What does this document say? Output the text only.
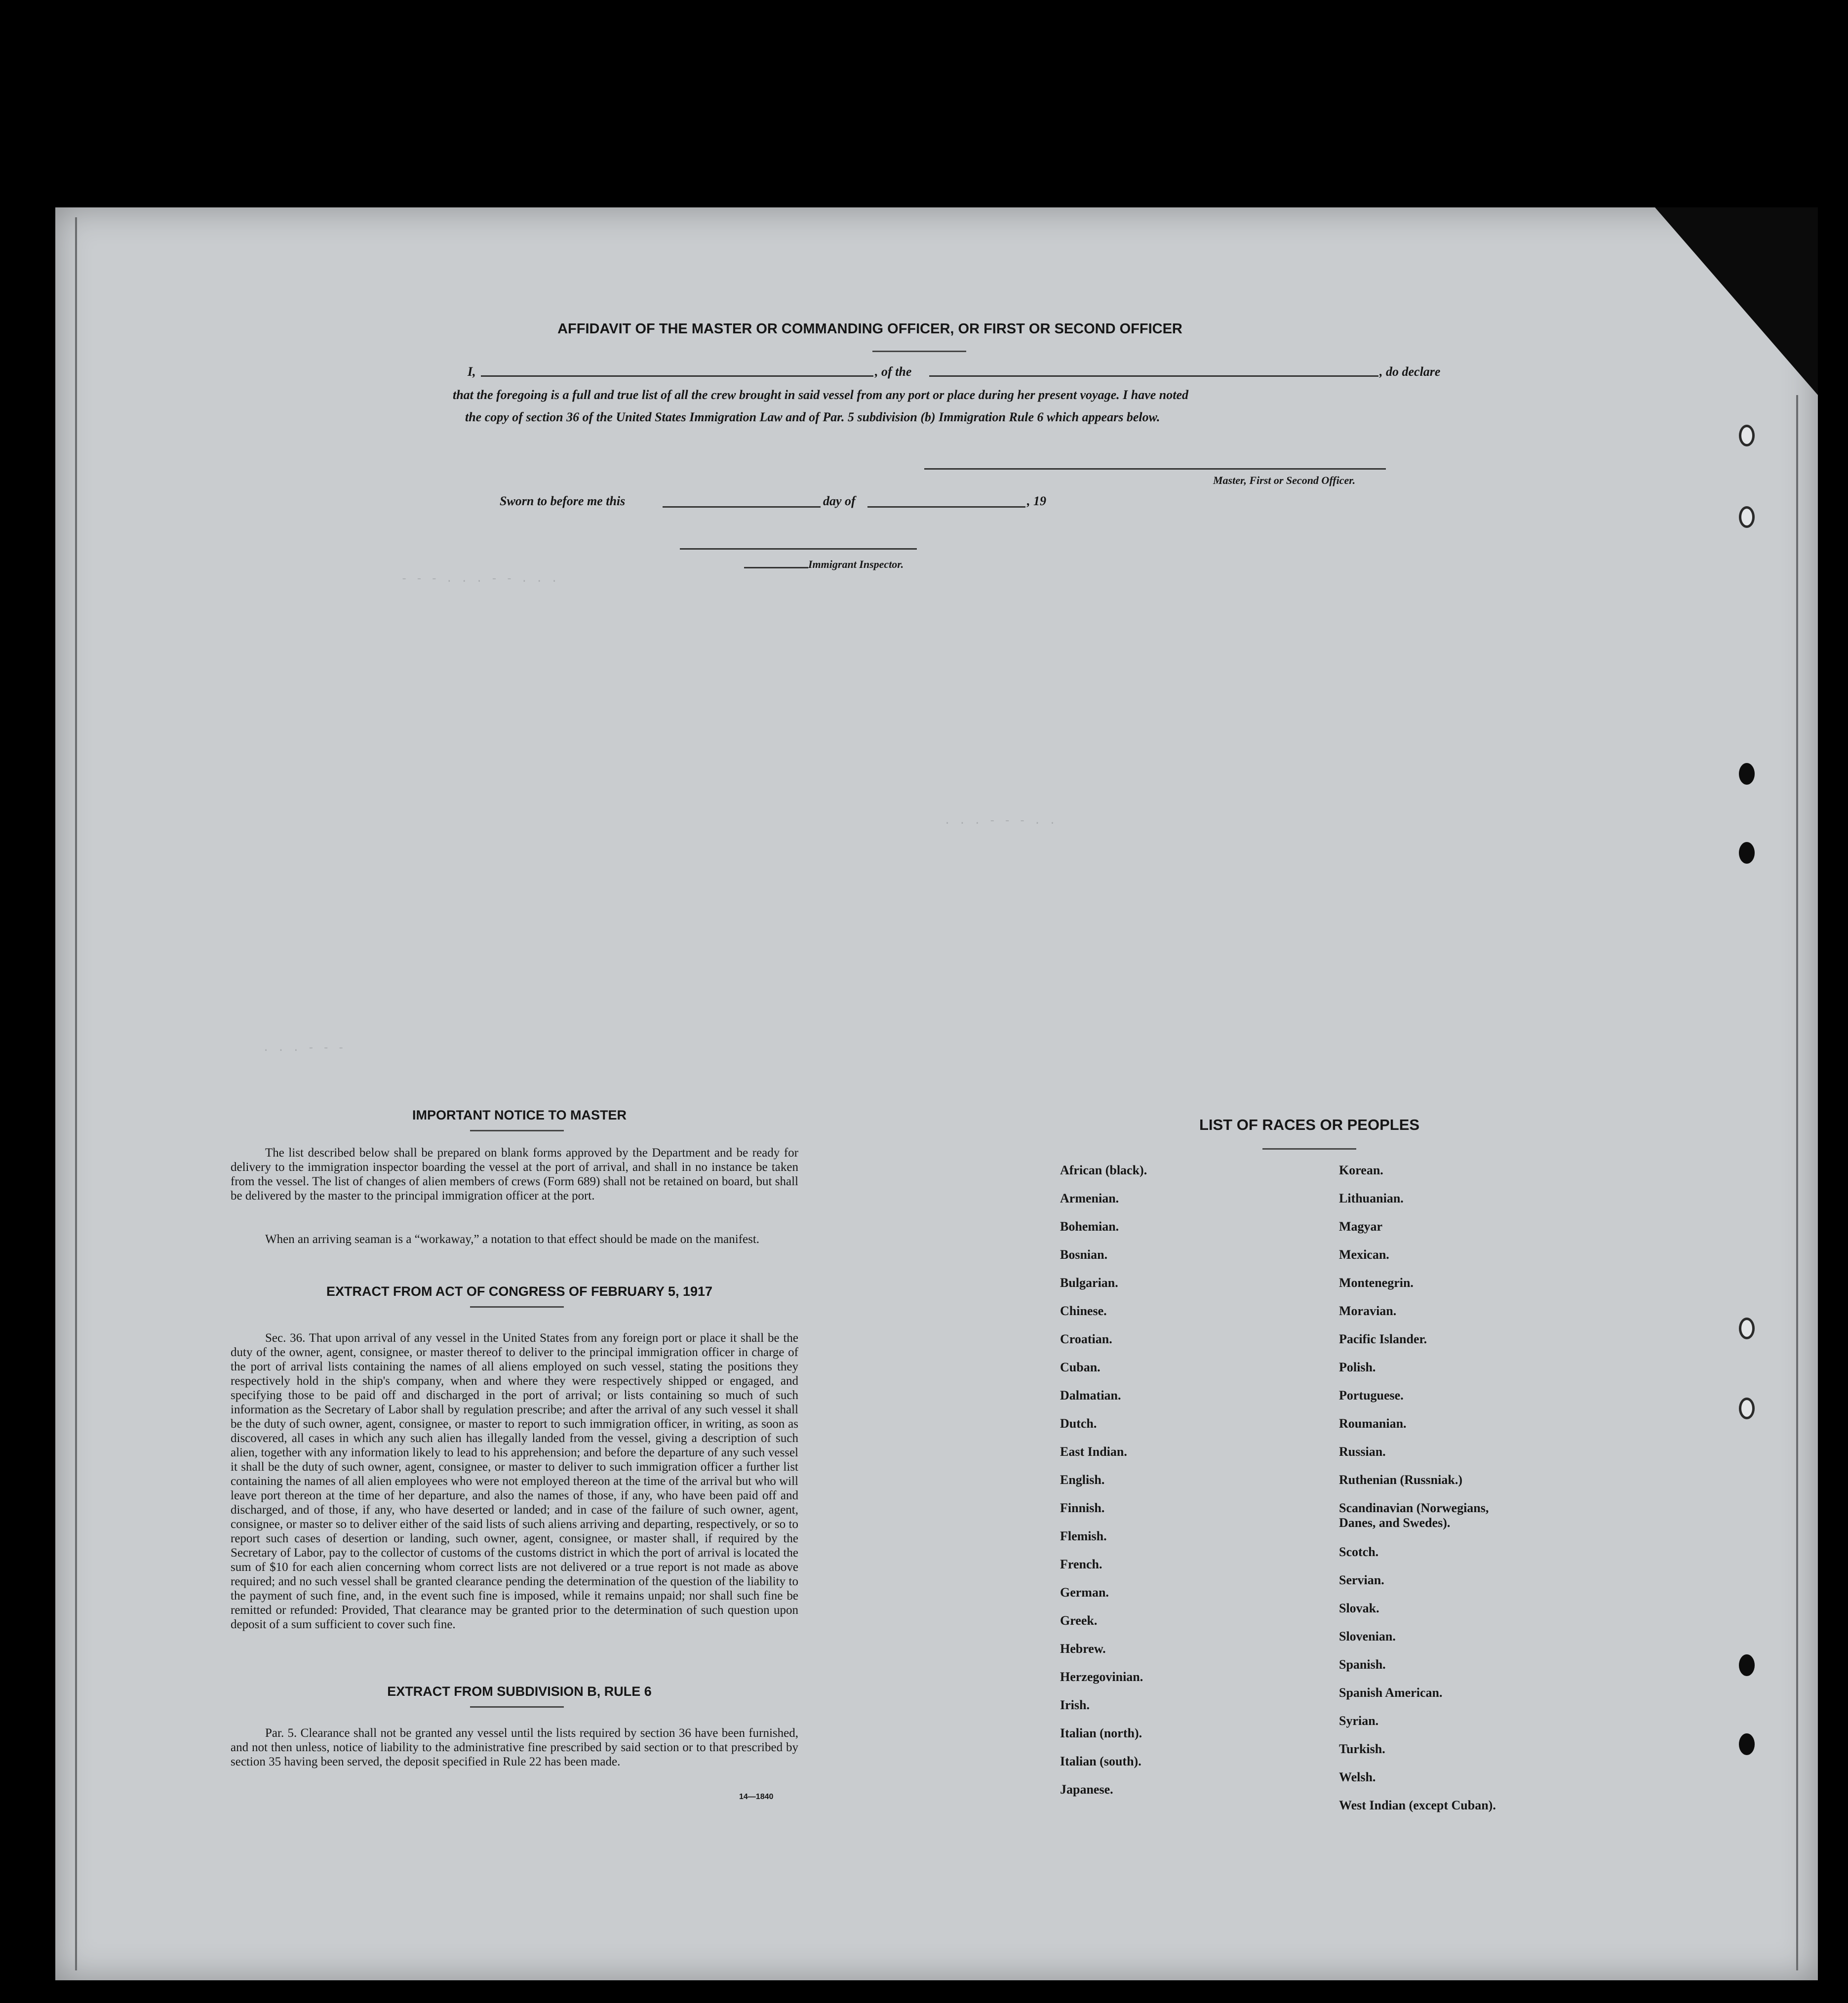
- - - . . . - - . . .
. . . - - - . .
. . . - - -
AFFIDAVIT OF THE MASTER OR COMMANDING OFFICER, OR FIRST OR SECOND OFFICER
I,	, of the	, do declare
that the foregoing is a full and true list of all the crew brought in said vessel from any port or place during her present voyage. I have noted
the copy of section 36 of the United States Immigration Law and of Par. 5 subdivision (b) Immigration Rule 6 which appears below.
Master, First or Second Officer.
Sworn to before me this	day of	, 19
Immigrant Inspector.
IMPORTANT NOTICE TO MASTER
The list described below shall be prepared on blank forms approved by the Department and be ready for delivery to the immigration inspector boarding the vessel at the port of arrival, and shall in no instance be taken from the vessel. The list of changes of alien members of crews (Form 689) shall not be retained on board, but shall be delivered by the master to the principal immigration officer at the port.
When an arriving seaman is a “workaway,” a notation to that effect should be made on the manifest.
EXTRACT FROM ACT OF CONGRESS OF FEBRUARY 5, 1917
Sec. 36. That upon arrival of any vessel in the United States from any foreign port or place it shall be the duty of the owner, agent, consignee, or master thereof to deliver to the principal immigration officer in charge of the port of arrival lists containing the names of all aliens employed on such vessel, stating the positions they respectively hold in the ship's company, when and where they were respectively shipped or engaged, and specifying those to be paid off and discharged in the port of arrival; or lists containing so much of such information as the Secretary of Labor shall by regulation prescribe; and after the arrival of any such vessel it shall be the duty of such owner, agent, consignee, or master to report to such immigration officer, in writing, as soon as discovered, all cases in which any such alien has illegally landed from the vessel, giving a description of such alien, together with any information likely to lead to his apprehension; and before the departure of any such vessel it shall be the duty of such owner, agent, consignee, or master to deliver to such immigration officer a further list containing the names of all alien employees who were not employed thereon at the time of the arrival but who will leave port thereon at the time of her departure, and also the names of those, if any, who have been paid off and discharged, and of those, if any, who have deserted or landed; and in case of the failure of such owner, agent, consignee, or master so to deliver either of the said lists of such aliens arriving and departing, respectively, or so to report such cases of desertion or landing, such owner, agent, consignee, or master shall, if required by the Secretary of Labor, pay to the collector of customs of the customs district in which the port of arrival is located the sum of $10 for each alien concerning whom correct lists are not delivered or a true report is not made as above required; and no such vessel shall be granted clearance pending the determination of the question of the liability to the payment of such fine, and, in the event such fine is imposed, while it remains unpaid; nor shall such fine be remitted or refunded: Provided, That clearance may be granted prior to the determination of such question upon deposit of a sum sufficient to cover such fine.
EXTRACT FROM SUBDIVISION B, RULE 6
Par. 5. Clearance shall not be granted any vessel until the lists required by section 36 have been furnished, and not then unless, notice of liability to the administrative fine prescribed by said section or to that prescribed by section 35 having been served, the deposit specified in Rule 22 has been made.
14—1840
LIST OF RACES OR PEOPLES
African (black).
Armenian.
Bohemian.
Bosnian.
Bulgarian.
Chinese.
Croatian.
Cuban.
Dalmatian.
Dutch.
East Indian.
English.
Finnish.
Flemish.
French.
German.
Greek.
Hebrew.
Herzegovinian.
Irish.
Italian (north).
Italian (south).
Japanese.
Korean.
Lithuanian.
Magyar
Mexican.
Montenegrin.
Moravian.
Pacific Islander.
Polish.
Portuguese.
Roumanian.
Russian.
Ruthenian (Russniak.)
Scandinavian (Norwegians, Danes, and Swedes).
Scotch.
Servian.
Slovak.
Slovenian.
Spanish.
Spanish American.
Syrian.
Turkish.
Welsh.
West Indian (except Cuban).
